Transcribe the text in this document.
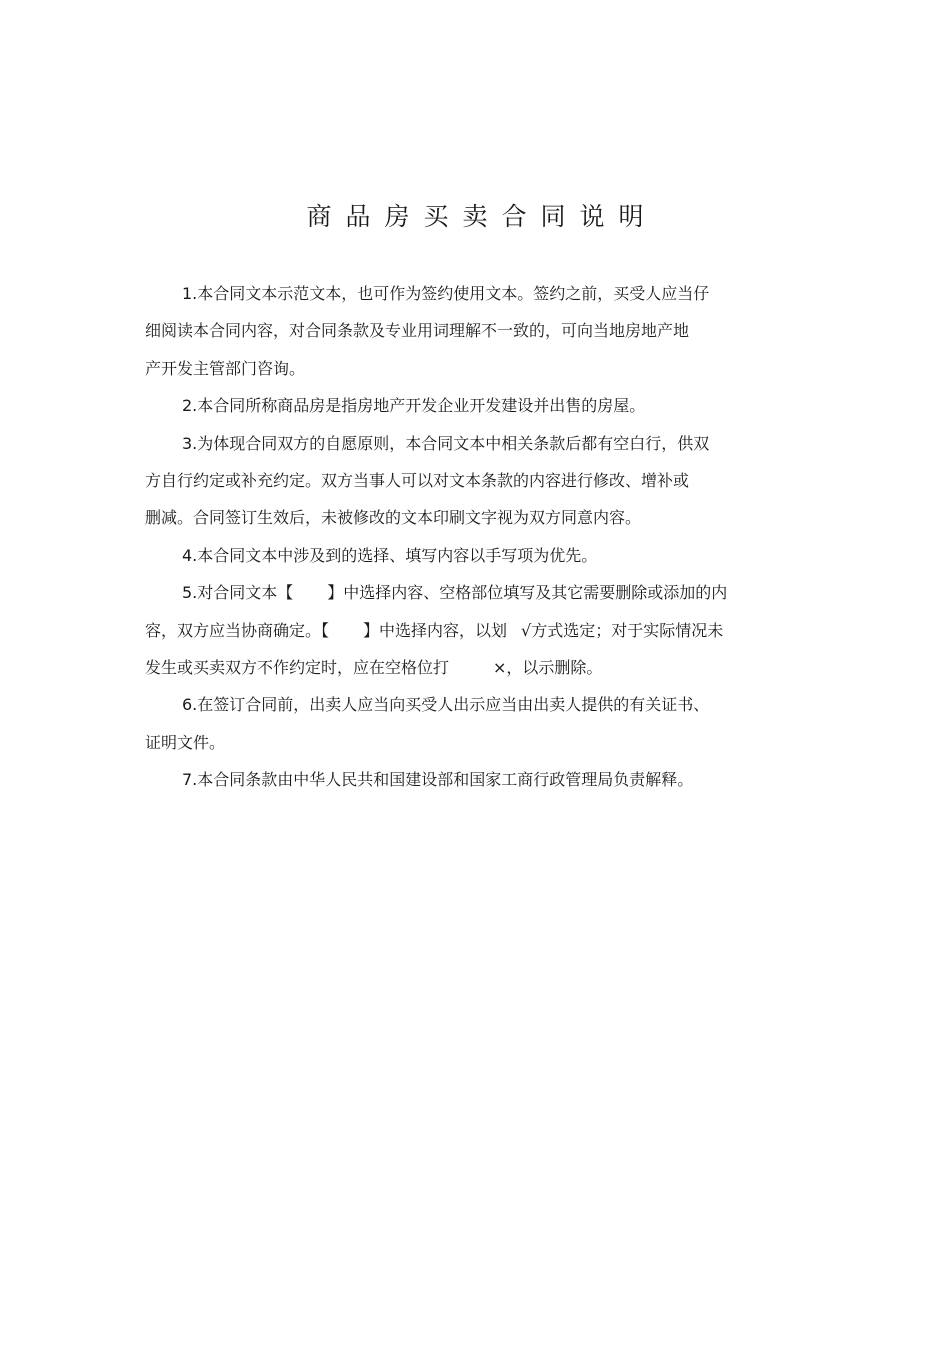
商品房买卖合同说明
1.本合同文本示范文本，也可作为签约使用文本。签约之前，买受人应当仔
细阅读本合同内容，对合同条款及专业用词理解不一致的，可向当地房地产地
产开发主管部门咨询。
2.本合同所称商品房是指房地产开发企业开发建设并出售的房屋。
3.为体现合同双方的自愿原则，本合同文本中相关条款后都有空白行，供双
方自行约定或补充约定。双方当事人可以对文本条款的内容进行修改、增补或
删减。合同签订生效后，未被修改的文本印刷文字视为双方同意内容。
4.本合同文本中涉及到的选择、填写内容以手写项为优先。
5.对合同文本【 】中选择内容、空格部位填写及其它需要删除或添加的内
容，双方应当协商确定。【 】中选择内容，以划 √方式选定；对于实际情况未
发生或买卖双方不作约定时，应在空格位打	×，以示删除。
6.在签订合同前，出卖人应当向买受人出示应当由出卖人提供的有关证书、
证明文件。
7.本合同条款由中华人民共和国建设部和国家工商行政管理局负责解释。
